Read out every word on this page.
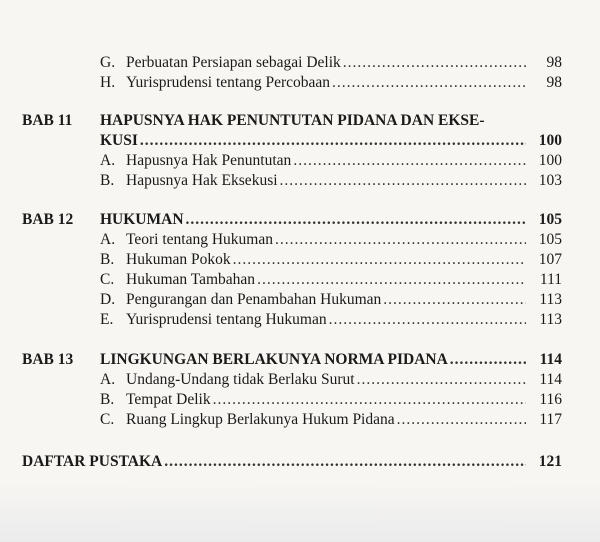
G. Perbuatan Persiapan sebagai Delik .....	98
H. Yurisprudensi tentang Percobaan .....	98
BAB 11 HAPUSNYA HAK PENUNTUTAN PIDANA DAN EKSE-
KUSI .....	100
A. Hapusnya Hak Penuntutan .....	100
B. Hapusnya Hak Eksekusi .....	103
BAB 12 HUKUMAN .....	105
A. Teori tentang Hukuman .....	105
B. Hukuman Pokok .....	107
C. Hukuman Tambahan .....	111
D. Pengurangan dan Penambahan Hukuman .....	113
E. Yurisprudensi tentang Hukuman .....	113
BAB 13 LINGKUNGAN BERLAKUNYA NORMA PIDANA .....	114
A. Undang-Undang tidak Berlaku Surut .....	114
B. Tempat Delik .....	116
C. Ruang Lingkup Berlakunya Hukum Pidana .....	117
DAFTAR PUSTAKA .....	121
